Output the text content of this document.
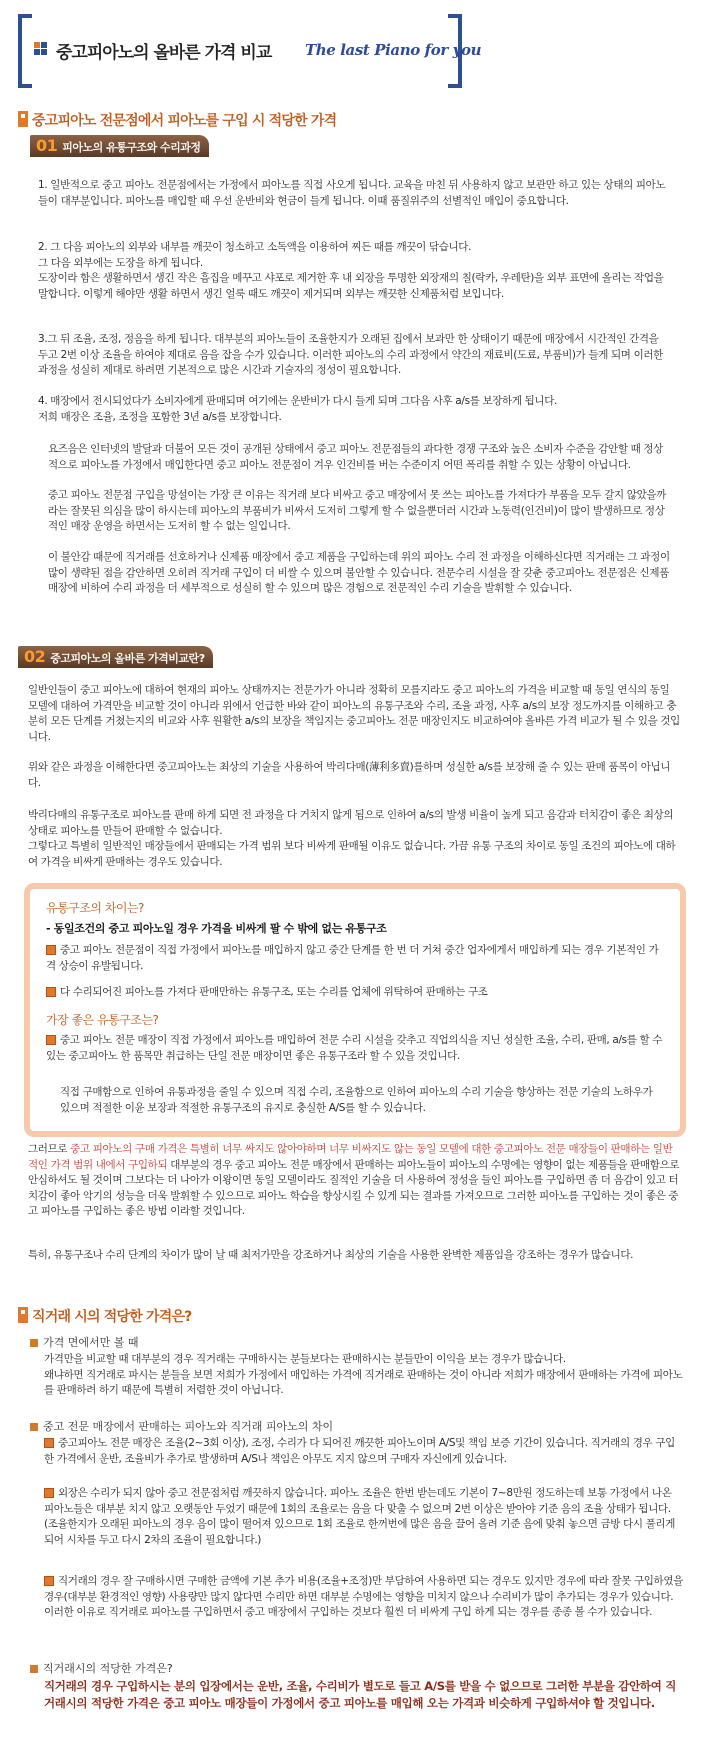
중고피아노의 올바른 가격 비교 The last Piano for you
중고피아노 전문점에서 피아노를 구입 시 적당한 가격
01 피아노의 유통구조와 수리과정

1. 일반적으로 중고 피아노 전문점에서는 가정에서 피아노를 직접 사오게 됩니다. 교육을 마친 뒤 사용하지 않고 보관만 하고 있는 상태의 피아노들이 대부분입니다. 피아노를 매입할 때 우선 운반비와 현금이 들게 됩니다. 이때 품질위주의 선별적인 매입이 중요합니다.

2. 그 다음 피아노의 외부와 내부를 깨끗이 청소하고 소독액을 이용하여 찌든 때를 깨끗이 닦습니다.
그 다음 외부에는 도장을 하게 됩니다.
도장이라 함은 생활하면서 생긴 작은 흠집을 메꾸고 샤포로 제거한 후 내 외장을 투명한 외장재의 칠(락카, 우레탄)을 외부 표면에 올리는 작업을 말합니다. 이렇게 해야만 생활 하면서 생긴 얼룩 때도 깨끗이 제거되며 외부는 깨끗한 신제품처럼 보입니다.

3.그 뒤 조율, 조정, 정음을 하게 됩니다. 대부분의 피아노들이 조율한지가 오래된 집에서 보과만 한 상태이기 때문에 매장에서 시간적인 간격을 두고 2번 이상 조율을 하여야 제대로 음을 잡을 수가 있습니다. 이러한 피아노의 수리 과정에서 약간의 재료비(도료, 부품비)가 들게 되며 이러한 과정을 성실히 제대로 하려면 기본적으로 많은 시간과 기술자의 정성이 필요합니다.

4. 매장에서 전시되었다가 소비자에게 판매되며 여기에는 운반비가 다시 들게 되며 그다음 사후 a/s를 보장하게 됩니다.
저희 매장은 조율, 조정을 포함한 3년 a/s를 보장합니다.

요즈음은 인터넷의 발달과 더불어 모든 것이 공개된 상태에서 중고 피아노 전문점들의 과다한 경쟁 구조와 높은 소비자 수준을 감안할 때 정상적으로 피아노를 가정에서 매입한다면 중고 피아노 전문점이 겨우 인건비를 버는 수준이지 어떤 폭리를 취할 수 있는 상황이 아닙니다.
중고 피아노 전문점 구입을 망설이는 가장 큰 이유는 직거래 보다 비싸고 중고 매장에서 못 쓰는 피아노를 가져다가 부품을 모두 갈지 않았을까 라는 잘못된 의심을 많이 하시는데 피아노의 부품비가 비싸서 도저히 그렇게 할 수 없을뿐더러 시간과 노동력(인건비)이 많이 발생하므로 정상적인 매장 운영을 하면서는 도저히 할 수 없는 일입니다.
이 불안감 때문에 직거래를 선호하거나 신제품 매장에서 중고 제품을 구입하는데 위의 피아노 수리 전 과정을 이해하신다면 직거래는 그 과정이 많이 생략된 점을 감안하면 오히려 직거래 구입이 더 비쌀 수 있으며 불안할 수 있습니다. 전문수리 시설을 잘 갖춘 중고피아노 전문점은 신제품 매장에 비하여 수리 과정을 더 세부적으로 성실히 할 수 있으며 많은 경험으로 전문적인 수리 기술을 발휘할 수 있습니다.
02 중고피아노의 올바른 가격비교란?
일반인들이 중고 피아노에 대하여 현재의 피아노 상태까지는 전문가가 아니라 정확히 모를지라도 중고 피아노의 가격을 비교할 때 동일 연식의 동일 모델에 대하여 가격만을 비교할 것이 아니라 위에서 언급한 바와 같이 피아노의 유통구조와 수리, 조율 과정, 사후 a/s의 보장 정도까지를 이해하고 충분히 모든 단계를 거쳤는지의 비교와 사후 원활한 a/s의 보장을 책임지는 중고피아노 전문 매장인지도 비교하여야 올바른 가격 비교가 될 수 있을 것입니다.
위와 같은 과정을 이해한다면 중고피아노는 최상의 기술을 사용하여 박리다매(薄利多賣)를하며 성실한 a/s를 보장해 줄 수 있는 판매 품목이 아닙니다.
박리다매의 유통구조로 피아노를 판매 하게 되면 전 과정을 다 거치지 않게 됨으로 인하여 a/s의 발생 비율이 높게 되고 음감과 터치감이 좋은 최상의 상태로 피아노를 만들어 판매할 수 없습니다.
그렇다고 특별히 일반적인 매장들에서 판매되는 가격 범위 보다 비싸게 판매될 이유도 없습니다. 가끔 유통 구조의 차이로 동일 조건의 피아노에 대하여 가격을 비싸게 판매하는 경우도 있습니다.
유통구조의 차이는?
- 동일조건의 중고 피아노일 경우 가격을 비싸게 팔 수 밖에 없는 유통구조
중고 피아노 전문점이 직접 가정에서 피아노를 매입하지 않고 중간 단계를 한 번 더 거쳐 중간 업자에게서 매입하게 되는 경우 기본적인 가격 상승이 유발됩니다.
다 수리되어진 피아노를 가져다 판매만하는 유통구조, 또는 수리를 업체에 위탁하여 판매하는 구조
가장 좋은 유통구조는?
중고 피아노 전문 매장이 직접 가정에서 피아노를 매입하여 전문 수리 시설을 갖추고 직업의식을 지닌 성실한 조율, 수리, 판매, a/s를 할 수 있는 중고피아노 한 품목만 취급하는 단일 전문 매장이면 좋은 유통구조라 할 수 있을 것입니다.
직접 구매함으로 인하여 유통과정을 줄일 수 있으며 직접 수리, 조율함으로 인하여 피아노의 수리 기술을 향상하는 전문 기술의 노하우가 있으며 적절한 이윤 보장과 적절한 유통구조의 유지로 충실한 A/S를 할 수 있습니다.
그러므로 중고 피아노의 구매 가격은 특별히 너무 싸지도 않아야하며 너무 비싸지도 않는 동일 모델에 대한 중고피아노 전문 매장들이 판매하는 일반적인 가격 범위 내에서 구입하되 대부분의 경우 중고 피아노 전문 매장에서 판매하는 피아노들이 피아노의 수명에는 영향이 없는 제품들을 판매함으로 안심하셔도 될 것이며 그보다는 더 나아가 이왕이면 동일 모델이라도 질적인 기술을 더 사용하여 정성을 들인 피아노를 구입하면 좀 더 음감이 있고 터치감이 좋아 악기의 성능을 더욱 발휘할 수 있으므로 피아노 학습을 향상시킬 수 있게 되는 결과를 가져오므로 그러한 피아노를 구입하는 것이 좋은 중고 피아노를 구입하는 좋은 방법 이라할 것입니다.
특히, 유통구조나 수리 단계의 차이가 많이 날 때 최저가만을 강조하거나 최상의 기술을 사용한 완벽한 제품임을 강조하는 경우가 많습니다.
직거래 시의 적당한 가격은?
가격 면에서만 볼 때
가격만을 비교할 때 대부분의 경우 직거래는 구매하시는 분들보다는 판매하시는 분들만이 이익을 보는 경우가 많습니다.
왜냐하면 직거래로 파시는 분들을 보면 저희가 가정에서 매입하는 가격에 직거래로 판매하는 것이 아니라 저희가 매장에서 판매하는 가격에 피아노를 판매하려 하기 때문에 특별히 저렴한 것이 아닙니다.
중고 전문 매장에서 판매하는 피아노와 직거래 피아노의 차이
중고피아노 전문 매장은 조율(2~3회 이상), 조정, 수리가 다 되어진 깨끗한 피아노이며 A/S및 책임 보증 기간이 있습니다. 직거래의 경우 구입한 가격에서 운반, 조율비가 추가로 발생하며 A/S나 책임은 아무도 지지 않으며 구매자 자신에게 있습니다.
외장은 수리가 되지 않아 중고 전문점처럼 깨끗하지 않습니다. 피아노 조율은 한번 받는데도 기본이 7~8만원 정도하는데 보통 가정에서 나온 피아노들은 대부분 치지 않고 오랫동안 두었기 때문에 1회의 조율로는 음을 다 맞출 수 없으며 2번 이상은 받아야 기준 음의 조율 상태가 됩니다. (조율한지가 오래된 피아노의 경우 음이 많이 떨어져 있으므로 1회 조율로 한꺼번에 많은 음을 끌어 올려 기준 음에 맞춰 놓으면 금방 다시 풀리게 되어 시차를 두고 다시 2차의 조율이 필요합니다.)
직거래의 경우 잘 구매하시면 구매한 금액에 기본 추가 비용(조율+조정)만 부담하여 사용하면 되는 경우도 있지만 경우에 따라 잘못 구입하였을 경우(대부분 환경적인 영향) 사용량만 많지 않다면 수리만 하면 대부분 수명에는 영향을 미치지 않으나 수리비가 많이 추가되는 경우가 있습니다. 이러한 이유로 직거래로 피아노를 구입하면서 중고 매장에서 구입하는 것보다 훨씬 더 비싸게 구입 하게 되는 경우를 종종 볼 수가 있습니다.
직거래시의 적당한 가격은?
직거래의 경우 구입하시는 분의 입장에서는 운반, 조율, 수리비가 별도로 들고 A/S를 받을 수 없으므로 그러한 부분을 감안하여 직거래시의 적당한 가격은 중고 피아노 매장들이 가정에서 중고 피아노를 매입해 오는 가격과 비슷하게 구입하셔야 할 것입니다.
